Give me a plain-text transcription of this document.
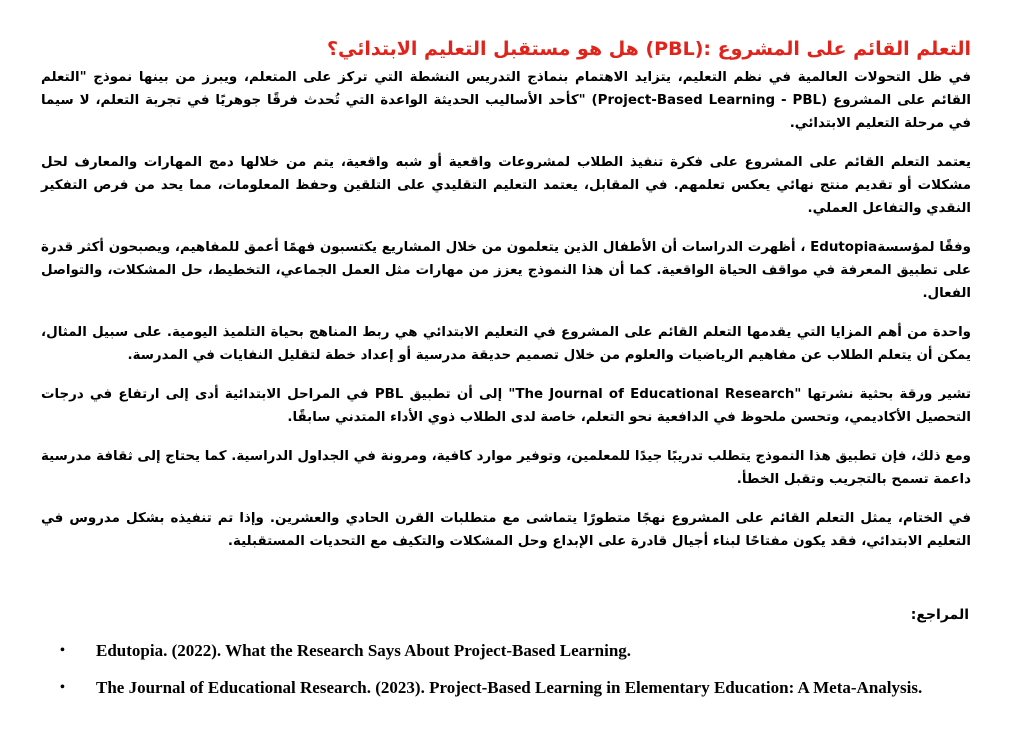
التعلم القائم على المشروع :(PBL) هل هو مستقبل التعليم الابتدائي؟

في ظل التحولات العالمية في نظم التعليم، يتزايد الاهتمام بنماذج التدريس النشطة التي تركز على المتعلم، ويبرز من بينها نموذج "التعلم القائم على المشروع (Project-Based Learning - PBL) "كأحد الأساليب الحديثة الواعدة التي تُحدث فرقًا جوهريًا في تجربة التعلم، لا سيما في مرحلة التعليم الابتدائي.

يعتمد التعلم القائم على المشروع على فكرة تنفيذ الطلاب لمشروعات واقعية أو شبه واقعية، يتم من خلالها دمج المهارات والمعارف لحل مشكلات أو تقديم منتج نهائي يعكس تعلمهم. في المقابل، يعتمد التعليم التقليدي على التلقين وحفظ المعلومات، مما يحد من فرص التفكير النقدي والتفاعل العملي.

وفقًا لمؤسسةEdutopia ، أظهرت الدراسات أن الأطفال الذين يتعلمون من خلال المشاريع يكتسبون فهمًا أعمق للمفاهيم، ويصبحون أكثر قدرة على تطبيق المعرفة في مواقف الحياة الواقعية. كما أن هذا النموذج يعزز من مهارات مثل العمل الجماعي، التخطيط، حل المشكلات، والتواصل الفعال.

واحدة من أهم المزايا التي يقدمها التعلم القائم على المشروع في التعليم الابتدائي هي ربط المناهج بحياة التلميذ اليومية. على سبيل المثال، يمكن أن يتعلم الطلاب عن مفاهيم الرياضيات والعلوم من خلال تصميم حديقة مدرسية أو إعداد خطة لتقليل النفايات في المدرسة.

تشير ورقة بحثية نشرتها "The Journal of Educational Research" إلى أن تطبيق PBL في المراحل الابتدائية أدى إلى ارتفاع في درجات التحصيل الأكاديمي، وتحسن ملحوظ في الدافعية نحو التعلم، خاصة لدى الطلاب ذوي الأداء المتدني سابقًا.

ومع ذلك، فإن تطبيق هذا النموذج يتطلب تدريبًا جيدًا للمعلمين، وتوفير موارد كافية، ومرونة في الجداول الدراسية. كما يحتاج إلى ثقافة مدرسية داعمة تسمح بالتجريب وتقبل الخطأ.

في الختام، يمثل التعلم القائم على المشروع نهجًا متطورًا يتماشى مع متطلبات القرن الحادي والعشرين. وإذا تم تنفيذه بشكل مدروس في التعليم الابتدائي، فقد يكون مفتاحًا لبناء أجيال قادرة على الإبداع وحل المشكلات والتكيف مع التحديات المستقبلية.

المراجع:
• Edutopia. (2022). What the Research Says About Project-Based Learning.
• The Journal of Educational Research. (2023). Project-Based Learning in Elementary Education: A Meta-Analysis.
